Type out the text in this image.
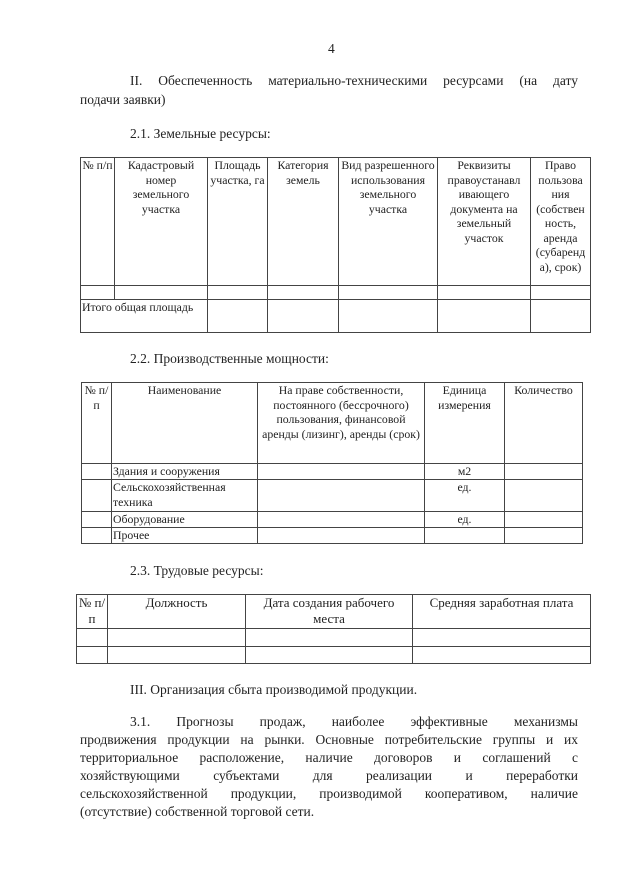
4
II. Обеспеченность материально-техническими ресурсами (на дату
подачи заявки)
2.1. Земельные ресурсы:
№ п/п	Кадастровый номер земельного участка	Площадь участка, га	Категория земель	Вид разрешенного использования земельного участка	Реквизиты правоустанавл ивающего документа на земельный участок	Право пользова ния (собствен ность, аренда (субаренд а), срок)

Итого общая площадь						
2.2. Производственные мощности:
№ п/п	Наименование	На праве собственности, постоянного (бессрочного) пользования, финансовой аренды (лизинг), аренды (срок)	Единица измерения	Количество
	Здания и сооружения		м2	
	Сельскохозяйственная техника		ед.	
	Оборудование		ед.	
	Прочее			
2.3. Трудовые ресурсы:
№ п/п	Должность	Дата создания рабочего места	Средняя заработная плата

III. Организация сбыта производимой продукции.
3.1.    Прогнозы    продаж,    наиболее    эффективные    механизмы
продвижения продукции на рынки. Основные потребительские группы и их
территориальное расположение, наличие договоров и соглашений с
хозяйствующими субъектами для реализации и переработки
сельскохозяйственной продукции, производимой кооперативом, наличие
(отсутствие) собственной торговой сети.
